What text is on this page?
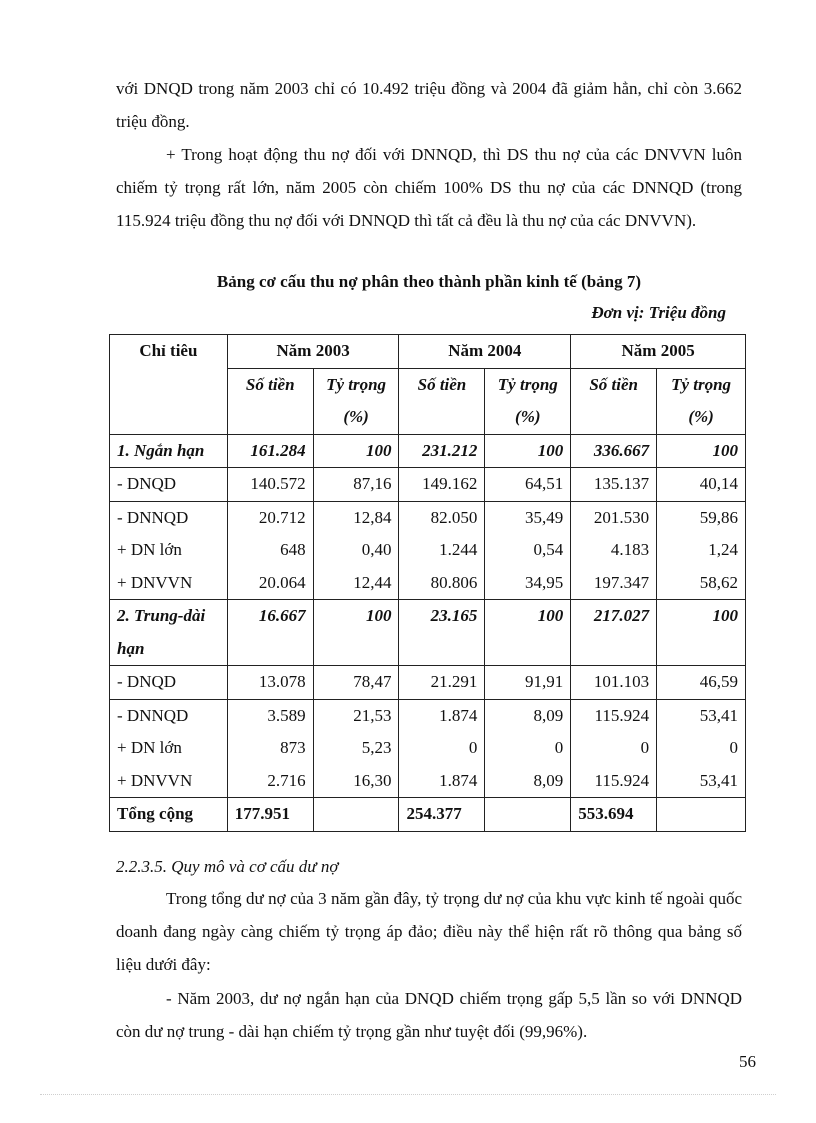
với DNQD trong năm 2003 chỉ có 10.492 triệu đồng và 2004 đã giảm hẳn, chỉ còn 3.662 triệu đồng.
+ Trong hoạt động thu nợ đối với DNNQD, thì DS thu nợ của các DNVVN luôn chiếm tỷ trọng rất lớn, năm 2005 còn chiếm 100% DS thu nợ của các DNNQD (trong 115.924 triệu đồng thu nợ đối với DNNQD thì tất cả đều là thu nợ của các DNVVN).
Bảng cơ cấu thu nợ phân theo thành phần kinh tế (bảng 7)
Đơn vị: Triệu đồng
Chỉ tiêu	Năm 2003		Năm 2004		Năm 2005	
	Số tiền	Tỷ trọng	Số tiền	Tỷ trọng	Số tiền	Tỷ trọng
		(%)		(%)		(%)
1. Ngắn hạn	161.284	100	231.212	100	336.667	100
- DNQD	140.572	87,16	149.162	64,51	135.137	40,14
- DNNQD	20.712	12,84	82.050	35,49	201.530	59,86
+ DN lớn	648	0,40	1.244	0,54	4.183	1,24
+ DNVVN	20.064	12,44	80.806	34,95	197.347	58,62
2. Trung-dài	16.667	100	23.165	100	217.027	100
hạn						
- DNQD	13.078	78,47	21.291	91,91	101.103	46,59
- DNNQD	3.589	21,53	1.874	8,09	115.924	53,41
+ DN lớn	873	5,23	0	0	0	0
+ DNVVN	2.716	16,30	1.874	8,09	115.924	53,41
Tổng cộng	177.951		254.377		553.694	
2.2.3.5. Quy mô và cơ cấu dư nợ
Trong tổng dư nợ của 3 năm gần đây, tỷ trọng dư nợ của khu vực kinh tế ngoài quốc doanh đang ngày càng chiếm tỷ trọng áp đảo; điều này thể hiện rất rõ thông qua bảng số liệu dưới đây:
- Năm 2003, dư nợ ngắn hạn của DNQD chiếm trọng gấp 5,5 lần so với DNNQD còn dư nợ trung - dài hạn chiếm tỷ trọng gần như tuyệt đối (99,96%).
56
